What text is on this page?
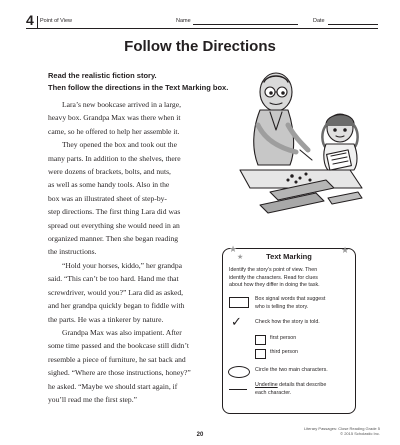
4 Point of View	Name	Date
Follow the Directions
Read the realistic fiction story.
Then follow the directions in the Text Marking box.
Lara’s new bookcase arrived in a large,
heavy box. Grandpa Max was there when it
came, so he offered to help her assemble it.
They opened the box and took out the
many parts. In addition to the shelves, there
were dozens of brackets, bolts, and nuts,
as well as some handy tools. Also in the
box was an illustrated sheet of step-by-
step directions. The first thing Lara did was
spread out everything she would need in an
organized manner. Then she began reading
the instructions.
“Hold your horses, kiddo,” her grandpa
said. “This can’t be too hard. Hand me that
screwdriver, would you?” Lara did as asked,
and her grandpa quickly began to fiddle with
the parts. He was a tinkerer by nature.
Grandpa Max was also impatient. After
some time passed and the bookcase still didn’t
resemble a piece of furniture, he sat back and
sighed. “Where are those instructions, honey?”
he asked. “Maybe we should start again, if
you’ll read me the first step.”
★
★
★
Text Marking
Identify the story’s point of view. Then
identify the characters. Read for clues
about how they differ in doing the task.
Box signal words that suggest
who is telling the story.
✓ Check how the story is told.
first person
third person
Circle the two main characters.
Underline details that describe
each character.
20
Literary Passages: Close Reading Grade 5
© 2015 Scholastic Inc.
